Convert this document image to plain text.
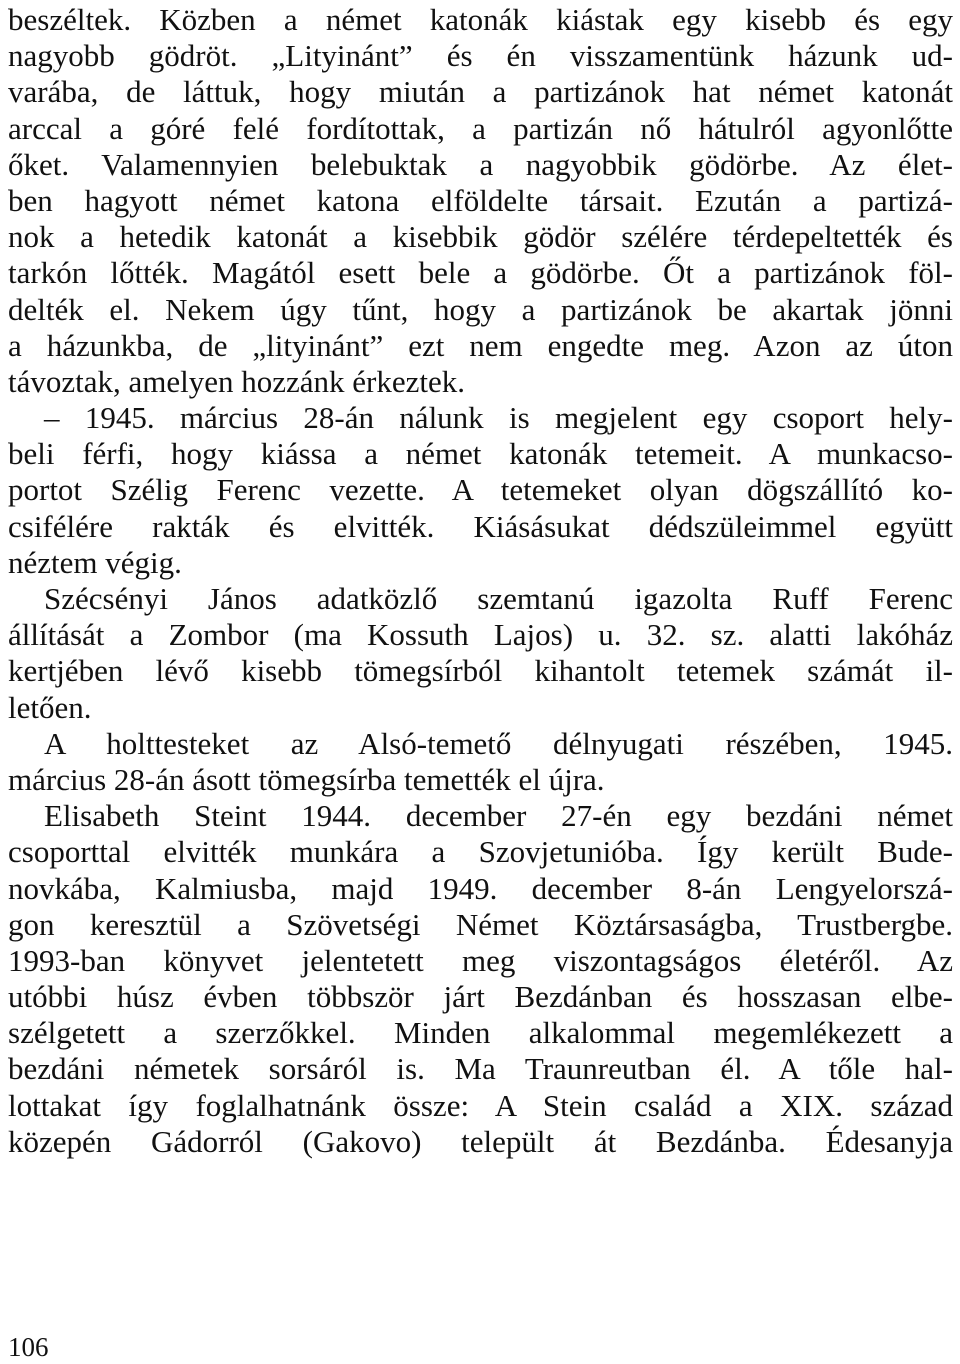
beszéltek. Közben a német katonák kiástak egy kisebb és egy
nagyobb gödröt. „Lityinánt” és én visszamentünk házunk ud-
varába, de láttuk, hogy miután a partizánok hat német katonát
arccal a góré felé fordítottak, a partizán nő hátulról agyonlőtte
őket. Valamennyien belebuktak a nagyobbik gödörbe. Az élet-
ben hagyott német katona elföldelte társait. Ezután a partizá-
nok a hetedik katonát a kisebbik gödör szélére térdepeltették és
tarkón lőtték. Magától esett bele a gödörbe. Őt a partizánok föl-
delték el. Nekem úgy tűnt, hogy a partizánok be akartak jönni
a házunkba, de „lityinánt” ezt nem engedte meg. Azon az úton
távoztak, amelyen hozzánk érkeztek.
– 1945. március 28-án nálunk is megjelent egy csoport hely-
beli férfi, hogy kiássa a német katonák tetemeit. A munkacso-
portot Szélig Ferenc vezette. A tetemeket olyan dögszállító ko-
csifélére rakták és elvitték. Kiásásukat dédszüleimmel együtt
néztem végig.
Szécsényi János adatközlő szemtanú igazolta Ruff Ferenc
állítását a Zombor (ma Kossuth Lajos) u. 32. sz. alatti lakóház
kertjében lévő kisebb tömegsírból kihantolt tetemek számát il-
letően.
A holttesteket az Alsó-temető délnyugati részében, 1945.
március 28-án ásott tömegsírba temették el újra.
Elisabeth Steint 1944. december 27-én egy bezdáni német
csoporttal elvitték munkára a Szovjetunióba. Így került Bude-
novkába, Kalmiusba, majd 1949. december 8-án Lengyelorszá-
gon keresztül a Szövetségi Német Köztársaságba, Trustbergbe.
1993-ban könyvet jelentetett meg viszontagságos életéről. Az
utóbbi húsz évben többször járt Bezdánban és hosszasan elbe-
szélgetett a szerzőkkel. Minden alkalommal megemlékezett a
bezdáni németek sorsáról is. Ma Traunreutban él. A tőle hal-
lottakat így foglalhatnánk össze: A Stein család a XIX. század
közepén Gádorról (Gakovo) települt át Bezdánba. Édesanyja
106
